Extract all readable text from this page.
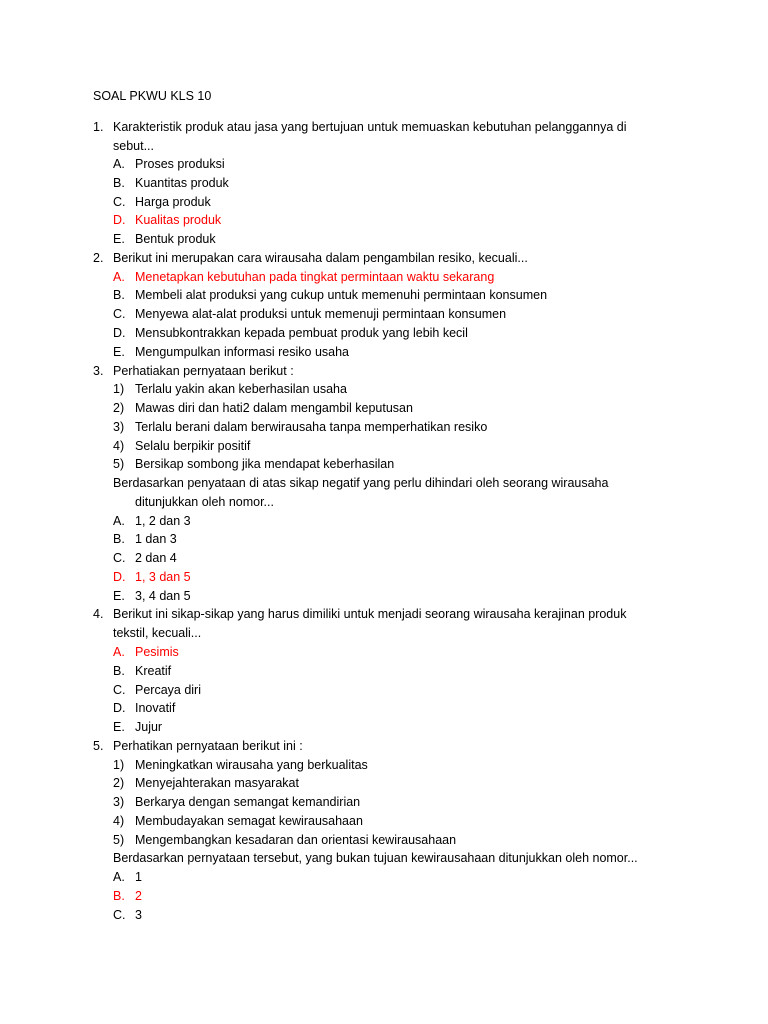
SOAL PKWU KLS 10
1. Karakteristik produk atau jasa yang bertujuan untuk memuaskan kebutuhan pelanggannya di
sebut...
A. Proses produksi
B. Kuantitas produk
C. Harga produk
D. Kualitas produk
E. Bentuk produk
2. Berikut ini merupakan cara wirausaha dalam pengambilan resiko, kecuali...
A. Menetapkan kebutuhan pada tingkat permintaan waktu sekarang
B. Membeli alat produksi yang cukup untuk memenuhi permintaan konsumen
C. Menyewa alat-alat produksi untuk memenuji permintaan konsumen
D. Mensubkontrakkan kepada pembuat produk yang lebih kecil
E. Mengumpulkan informasi resiko usaha
3. Perhatiakan pernyataan berikut :
1) Terlalu yakin akan keberhasilan usaha
2) Mawas diri dan hati2 dalam mengambil keputusan
3) Terlalu berani dalam berwirausaha tanpa memperhatikan resiko
4) Selalu berpikir positif
5) Bersikap sombong jika mendapat keberhasilan
Berdasarkan penyataan di atas sikap negatif yang perlu dihindari oleh seorang wirausaha
ditunjukkan oleh nomor...
A. 1, 2 dan 3
B. 1 dan 3
C. 2 dan 4
D. 1, 3 dan 5
E. 3, 4 dan 5
4. Berikut ini sikap-sikap yang harus dimiliki untuk menjadi seorang wirausaha kerajinan produk
tekstil, kecuali...
A. Pesimis
B. Kreatif
C. Percaya diri
D. Inovatif
E. Jujur
5. Perhatikan pernyataan berikut ini :
1) Meningkatkan wirausaha yang berkualitas
2) Menyejahterakan masyarakat
3) Berkarya dengan semangat kemandirian
4) Membudayakan semagat kewirausahaan
5) Mengembangkan kesadaran dan orientasi kewirausahaan
Berdasarkan pernyataan tersebut, yang bukan tujuan kewirausahaan ditunjukkan oleh nomor...
A. 1
B. 2
C. 3
